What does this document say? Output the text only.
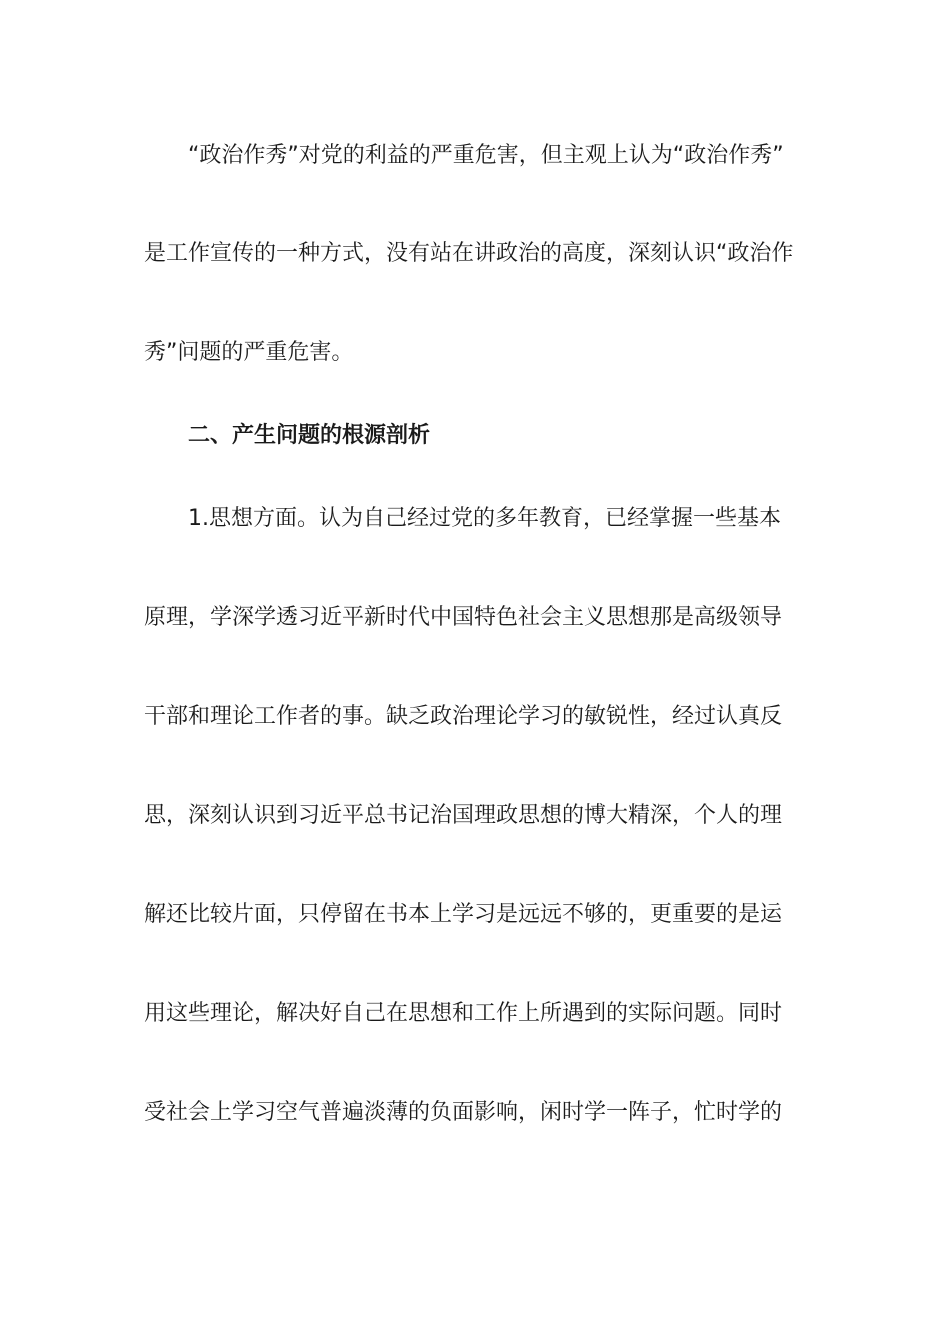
“政治作秀”对党的利益的严重危害，但主观上认为“政治作秀”
是工作宣传的一种方式，没有站在讲政治的高度，深刻认识“政治作
秀”问题的严重危害。
二、产生问题的根源剖析
1.思想方面。认为自己经过党的多年教育，已经掌握一些基本
原理，学深学透习近平新时代中国特色社会主义思想那是高级领导
干部和理论工作者的事。缺乏政治理论学习的敏锐性，经过认真反
思，深刻认识到习近平总书记治国理政思想的博大精深，个人的理
解还比较片面，只停留在书本上学习是远远不够的，更重要的是运
用这些理论，解决好自己在思想和工作上所遇到的实际问题。同时
受社会上学习空气普遍淡薄的负面影响，闲时学一阵子，忙时学的
